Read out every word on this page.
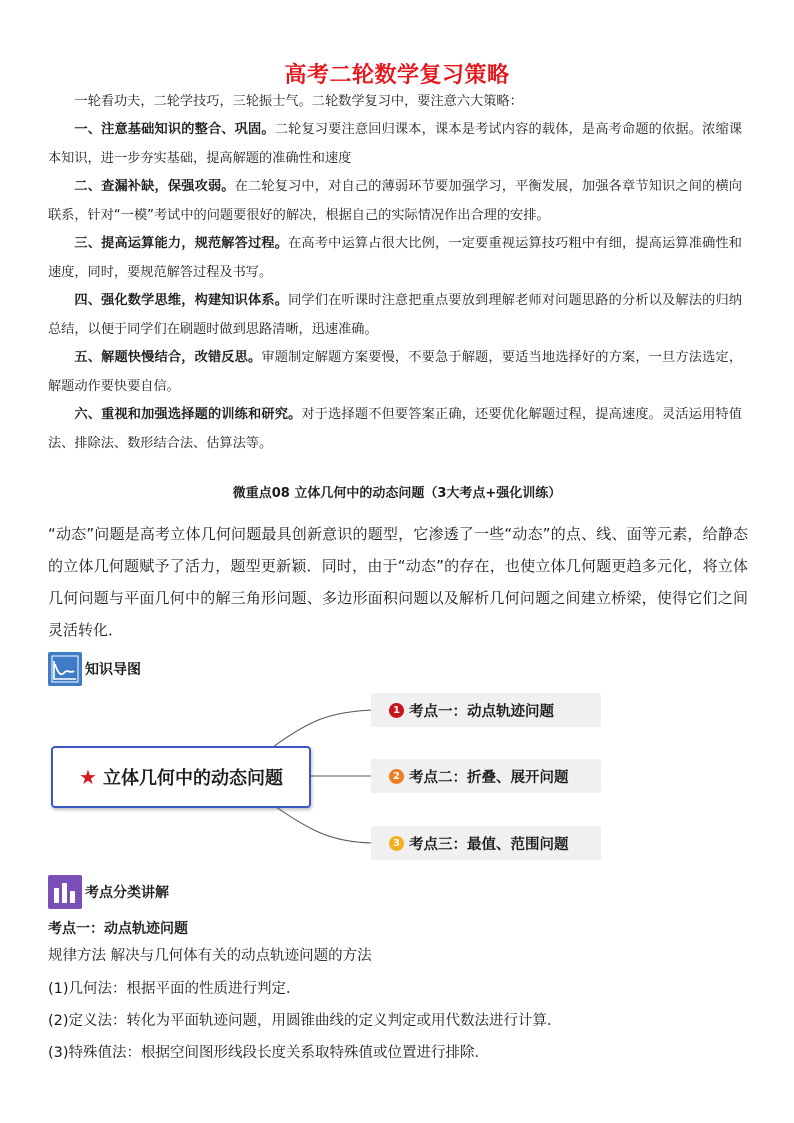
高考二轮数学复习策略

一轮看功夫，二轮学技巧，三轮振士气。二轮数学复习中，要注意六大策略：

一、注意基础知识的整合、巩固。二轮复习要注意回归课本，课本是考试内容的载体，是高考命题的依据。浓缩课本知识，进一步夯实基础，提高解题的准确性和速度

二、查漏补缺，保强攻弱。在二轮复习中，对自己的薄弱环节要加强学习，平衡发展，加强各章节知识之间的横向联系，针对“一模”考试中的问题要很好的解决，根据自己的实际情况作出合理的安排。

三、提高运算能力，规范解答过程。在高考中运算占很大比例，一定要重视运算技巧粗中有细，提高运算准确性和速度，同时，要规范解答过程及书写。

四、强化数学思维，构建知识体系。同学们在听课时注意把重点要放到理解老师对问题思路的分析以及解法的归纳总结，以便于同学们在刷题时做到思路清晰，迅速准确。

五、解题快慢结合，改错反思。审题制定解题方案要慢，不要急于解题，要适当地选择好的方案，一旦方法选定，解题动作要快要自信。

六、重视和加强选择题的训练和研究。对于选择题不但要答案正确，还要优化解题过程，提高速度。灵活运用特值法、排除法、数形结合法、估算法等。

微重点08 立体几何中的动态问题（3大考点+强化训练）

“动态”问题是高考立体几何问题最具创新意识的题型，它渗透了一些“动态”的点、线、面等元素，给静态的立体几何题赋予了活力，题型更新颖．同时，由于“动态”的存在，也使立体几何题更趋多元化，将立体几何问题与平面几何中的解三角形问题、多边形面积问题以及解析几何问题之间建立桥梁，使得它们之间灵活转化．

知识导图
★ 立体几何中的动态问题
1 考点一：动点轨迹问题
2 考点二：折叠、展开问题
3 考点三：最值、范围问题
考点分类讲解
考点一：动点轨迹问题
规律方法 解决与几何体有关的动点轨迹问题的方法
(1)几何法：根据平面的性质进行判定．
(2)定义法：转化为平面轨迹问题，用圆锥曲线的定义判定或用代数法进行计算．
(3)特殊值法：根据空间图形线段长度关系取特殊值或位置进行排除．
